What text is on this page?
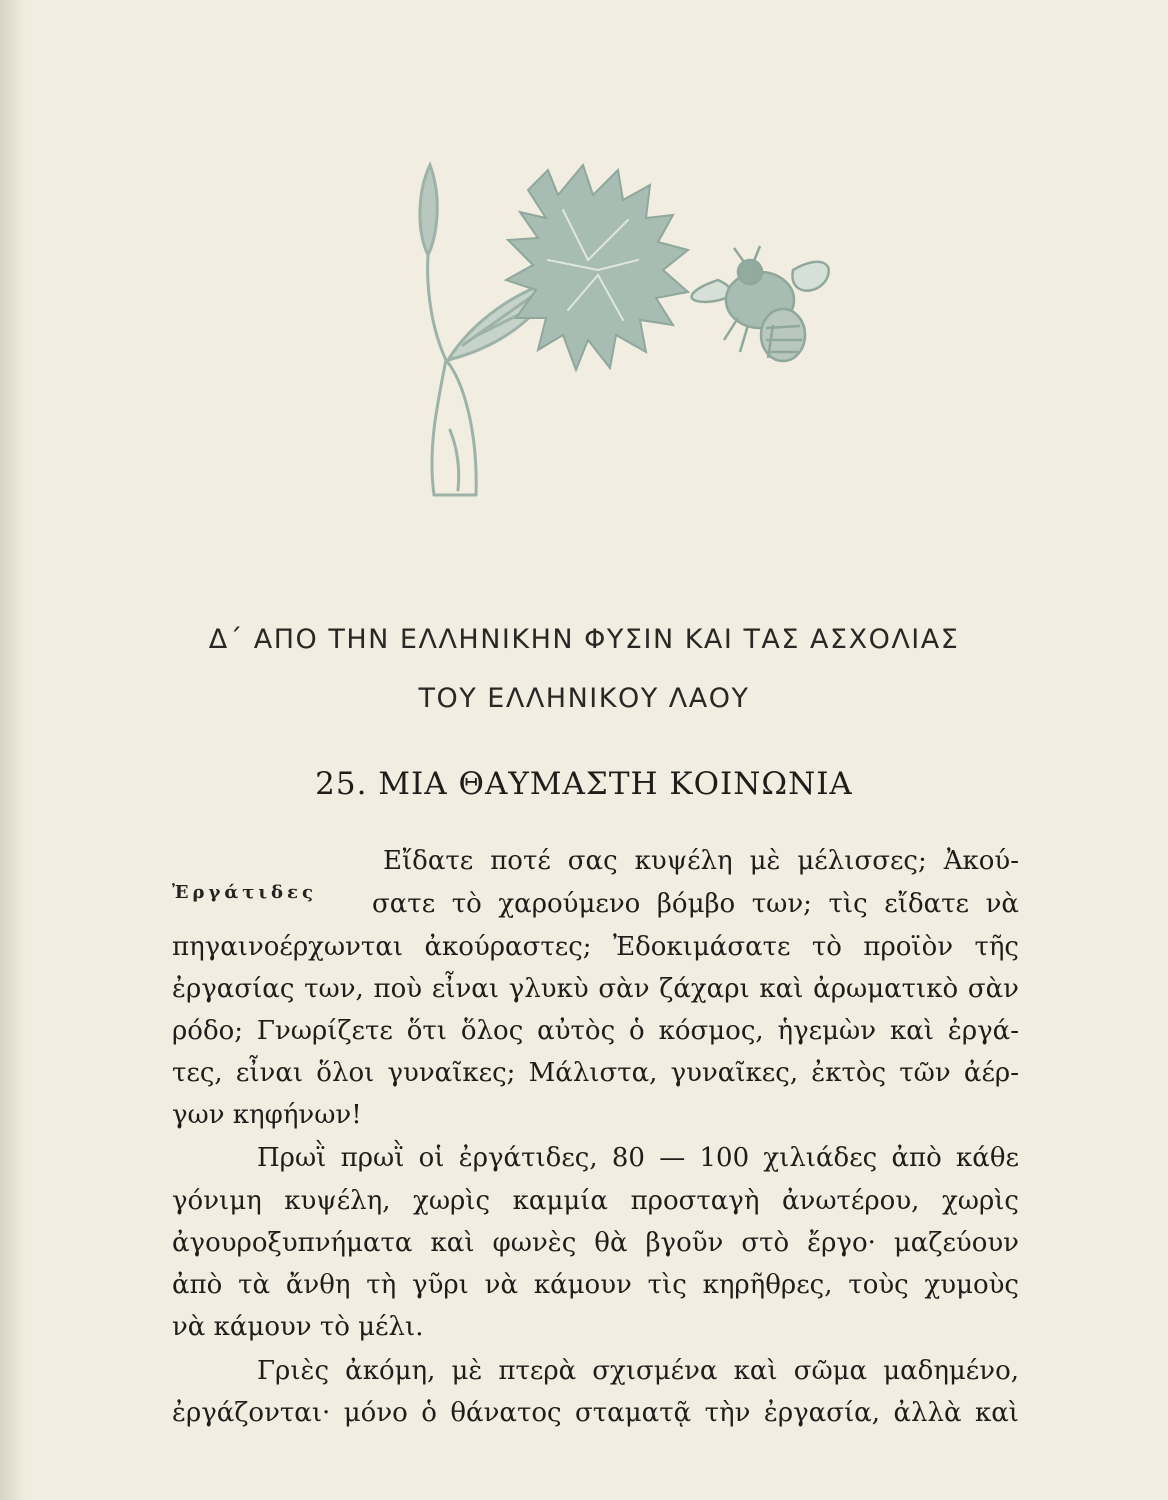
Δ΄ ΑΠΟ ΤΗΝ ΕΛΛΗΝΙΚΗΝ ΦΥΣΙΝ ΚΑΙ ΤΑΣ ΑΣΧΟΛΙΑΣ
ΤΟΥ ΕΛΛΗΝΙΚΟΥ ΛΑΟΥ
25. ΜΙΑ ΘΑΥΜΑΣΤΗ ΚΟΙΝΩΝΙΑ
Ἐργάτιδες
Εἴδατε ποτέ σας κυψέλη μὲ μέλισσες; Ἀκού-
σατε τὸ χαρούμενο βόμβο των; τὶς εἴδατε νὰ
πηγαινοέρχωνται ἀκούραστες; Ἐδοκιμάσατε τὸ προϊὸν τῆς
ἐργασίας των, ποὺ εἶναι γλυκὺ σὰν ζάχαρι καὶ ἀρωματικὸ σὰν
ρόδο; Γνωρίζετε ὅτι ὅλος αὐτὸς ὁ κόσμος, ἡγεμὼν καὶ ἐργά-
τες, εἶναι ὅλοι γυναῖκες; Μάλιστα, γυναῖκες, ἐκτὸς τῶν ἀέρ-
γων κηφήνων!
Πρωῒ πρωῒ οἱ ἐργάτιδες, 80 — 100 χιλιάδες ἀπὸ κάθε
γόνιμη κυψέλη, χωρὶς καμμία προσταγὴ ἀνωτέρου, χωρὶς
ἀγουροξυπνήματα καὶ φωνὲς θὰ βγοῦν στὸ ἔργο· μαζεύουν
ἀπὸ τὰ ἄνθη τὴ γῦρι νὰ κάμουν τὶς κηρῆθρες, τοὺς χυμοὺς
νὰ κάμουν τὸ μέλι.
Γριὲς ἀκόμη, μὲ πτερὰ σχισμένα καὶ σῶμα μαδημένο,
ἐργάζονται· μόνο ὁ θάνατος σταματᾷ τὴν ἐργασία, ἀλλὰ καὶ
